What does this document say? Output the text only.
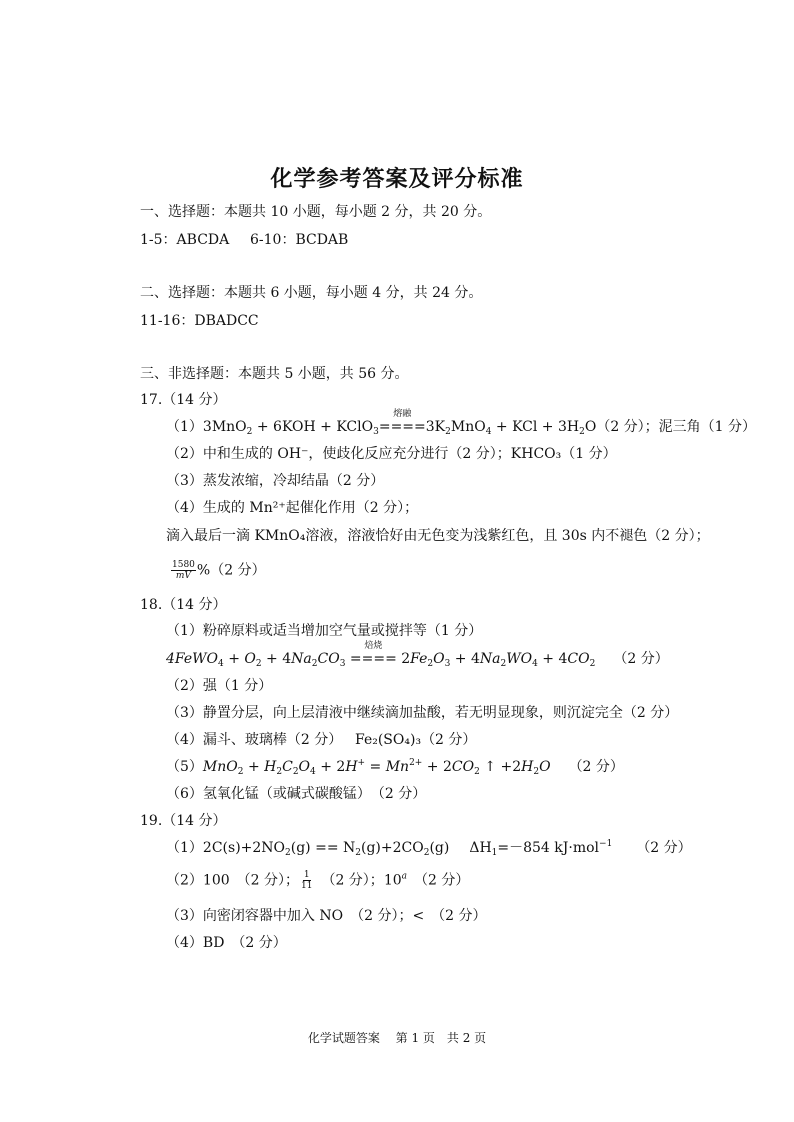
化学参考答案及评分标准
一、选择题：本题共 10 小题，每小题 2 分，共 20 分。
1-5：ABCDA 6-10：BCDAB
二、选择题：本题共 6 小题，每小题 4 分，共 24 分。
11-16：DBADCC
三、非选择题：本题共 5 小题，共 56 分。
17.（14 分）
（1）3MnO$_2$ + 6KOH + KClO$_3$
熔融
$====3K_2MnO_4$ + KCl + $3H_2O(2$ 分）；泥三角（1 分）
（2）中和生成的 OH⁻，使歧化反应充分进行（2 分）；KHCO₃（1 分）
（3）蒸发浓缩，冷却结晶（2 分）
（4）生成的 Mn²⁺起催化作用（2 分）；
滴入最后一滴 KMnO₄溶液，溶液恰好由无色变为浅紫红色，且 30s 内不褪色（2 分）；
$\frac{1580}{mV} \%(2$ 分）
18.（14 分）
（1）粉碎原料或适当增加空气量或搅拌等（1 分）
4FeWO$_4$ + $O_2 + 4Na_2CO_3$
焙烧
==== $2Fe_2O_3 + 4Na_2WO_4 + 4CO_2$ （2 分）
（2）强（1 分）
（3）静置分层，向上层清液中继续滴加盐酸，若无明显现象，则沉淀完全（2 分）
（4）漏斗、玻璃棒（2 分） Fe₂(SO₄)₃（2 分）
$(5)MnO_2 + H_2C_2O_4 + 2H^+ = Mn^{2+} + 2CO_2$ ↑ $+2H_2O$ （2 分）
（6）氢氧化锰（或碱式碳酸锰）　（2 分）
19.（14 分）
$(1)2C(s)+2NO_2(g) == N_2(g)+2CO_2(g)$ $\Delta H_1=-854$ kJ·mol$^{-1}$ （2 分）
（2）100　（2 分）； $\frac{1}{11}$ 　（2 分）；10$^a$　（2 分）
（3）向密闭容器中加入 NO　（2 分）；<　（2 分）
（4）BD　（2 分）
化学试题答案　 第 1 页　共 2 页
